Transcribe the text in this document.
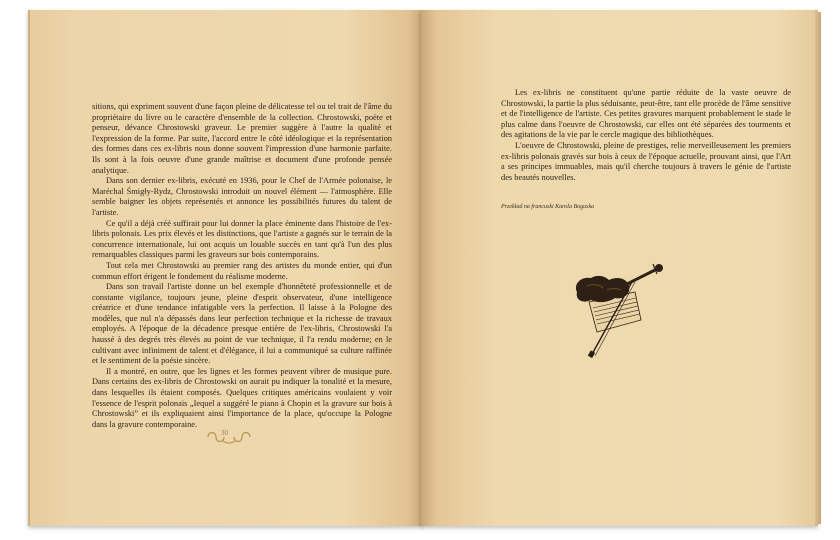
sitions, qui expriment souvent d'une façon pleine de délicatesse tel ou tel trait de l'âme du propriétaire du livre ou le caractère d'ensemble de la collection. Chrostowski, poète et penseur, dévance Chrostowski graveur. Le premier suggère à l'autre la qualité et l'expression de la forme. Par suite, l'accord entre le côté idéologique et la représentation des formes dans ces ex-libris nous donne souvent l'impression d'une harmonie parfaite. Ils sont à la fois oeuvre d'une grande maîtrise et document d'une profonde pensée analytique.

Dans son dernier ex-libris, exécuté en 1936, pour le Chef de l'Armée polonaise, le Maréchal Śmigły-Rydz, Chrostowski introduit un nouvel élément — l'atmosphère. Elle semble baigner les objets représentés et annonce les possibilités futures du talent de l'artiste.

Ce qu'il a déjà créé suffirait pour lui donner la place éminente dans l'histoire de l'ex-libris polonais. Les prix élevés et les distinctions, que l'artiste a gagnés sur le terrain de la concurrence internationale, lui ont acquis un louable succès en tant qu'à l'un des plus remarquables classiques parmi les graveurs sur bois contemporains.

Tout cela met Chrostowski au premier rang des artistes du monde entier, qui d'un commun effort érigent le fondement du réalisme moderne.

Dans son travail l'artiste donne un bel exemple d'honnêteté professionnelle et de constante vigilance, toujours jeune, pleine d'esprit observateur, d'une intelligence créatrice et d'une tendance infatigable vers la perfection. Il laisse à la Pologne des modèles, que nul n'a dépassés dans leur perfection technique et la richesse de travaux employés. A l'époque de la décadence presque entière de l'ex-libris, Chrostowski l'a haussé à des degrés très élevés au point de vue technique, il l'a rendu moderne; en le cultivant avec infiniment de talent et d'élégance, il lui a communiqué sa culture raffinée et le sentiment de la poésie sincère.

Il a montré, en outre, que les lignes et les formes peuvent vibrer de musique pure. Dans certains des ex-libris de Chrostowski on aurait pu indiquer la tonalité et la mesure, dans lesquelles ils étaient composés. Quelques critiques américains voulaient y voir l'essence de l'esprit polonais „Iequel a suggéré le piano à Chopin et la gravure sur bois à Chrostowski” et ils expliquaient ainsi l'importance de la place, qu'occupe la Pologne dans la gravure contemporaine.

30

Les ex-libris ne constituent qu'une partie réduite de la vaste oeuvre de Chrostowski, la partie la plus séduisante, peut-être, tant elle procède de l'âme sensitive et de l'intelligence de l'artiste. Ces petites gravures marquent probablement le stade le plus calme dans l'oeuvre de Chrostowski, car elles ont été séparées des tourments et des agitations de la vie par le cercle magique des bibliothèques.

L'oeuvre de Chrostowski, pleine de prestiges, relie merveilleusement les premiers ex-libris polonais gravés sur bois à ceux de l'époque actuelle, prouvant ainsi, que l'Art a ses principes immuables, mais qu'il cherche toujours à travers le génie de l'artiste des beautés nouvelles.

Przekład na francuski Karola Boguska
